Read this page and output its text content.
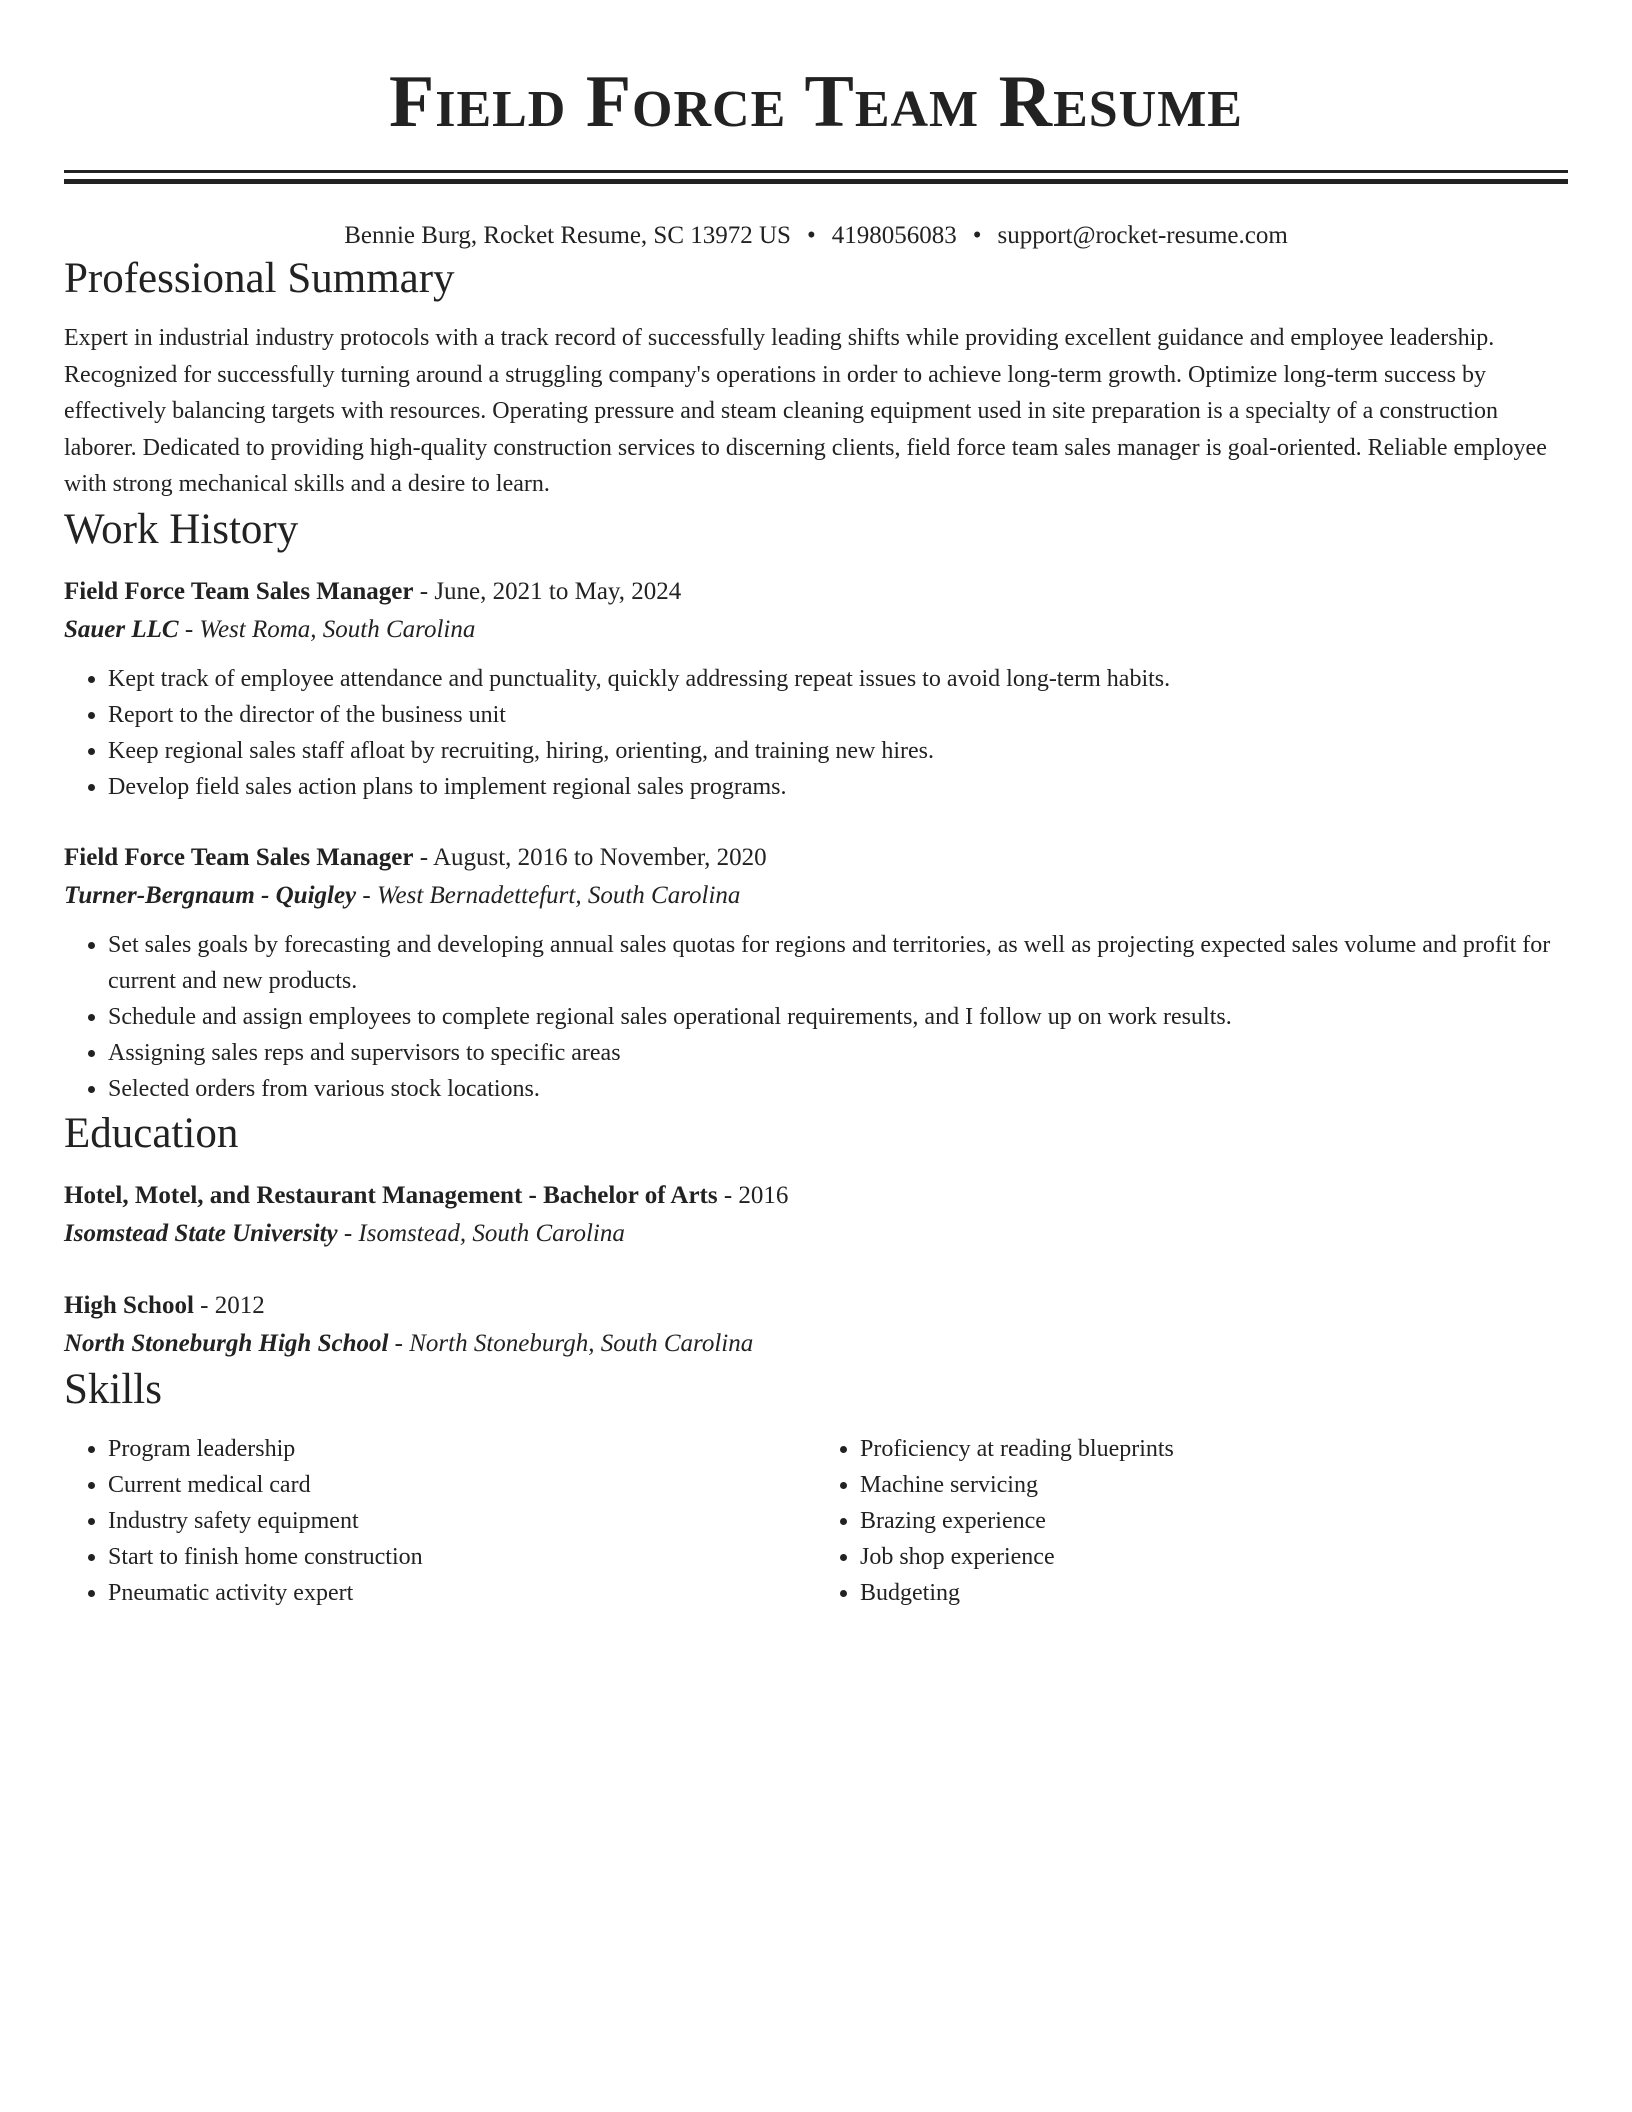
Field Force Team Resume
Bennie Burg, Rocket Resume, SC 13972 US • 4198056083 • support@rocket-resume.com
Professional Summary

Expert in industrial industry protocols with a track record of successfully leading shifts while providing excellent guidance and employee leadership. Recognized for successfully turning around a struggling company's operations in order to achieve long-term growth. Optimize long-term success by effectively balancing targets with resources. Operating pressure and steam cleaning equipment used in site preparation is a specialty of a construction laborer. Dedicated to providing high-quality construction services to discerning clients, field force team sales manager is goal-oriented. Reliable employee with strong mechanical skills and a desire to learn.

Work History
Field Force Team Sales Manager - June, 2021 to May, 2024
Sauer LLC - West Roma, South Carolina
• Kept track of employee attendance and punctuality, quickly addressing repeat issues to avoid long-term habits.
• Report to the director of the business unit
• Keep regional sales staff afloat by recruiting, hiring, orienting, and training new hires.
• Develop field sales action plans to implement regional sales programs.
Field Force Team Sales Manager - August, 2016 to November, 2020
Turner-Bergnaum - Quigley - West Bernadettefurt, South Carolina
• Set sales goals by forecasting and developing annual sales quotas for regions and territories, as well as projecting expected sales volume and profit for current and new products.
• Schedule and assign employees to complete regional sales operational requirements, and I follow up on work results.
• Assigning sales reps and supervisors to specific areas
• Selected orders from various stock locations.
Education
Hotel, Motel, and Restaurant Management - Bachelor of Arts - 2016
Isomstead State University - Isomstead, South Carolina
High School - 2012
North Stoneburgh High School - North Stoneburgh, South Carolina
Skills
• Program leadership
• Current medical card
• Industry safety equipment
• Start to finish home construction
• Pneumatic activity expert
• Proficiency at reading blueprints
• Machine servicing
• Brazing experience
• Job shop experience
• Budgeting
